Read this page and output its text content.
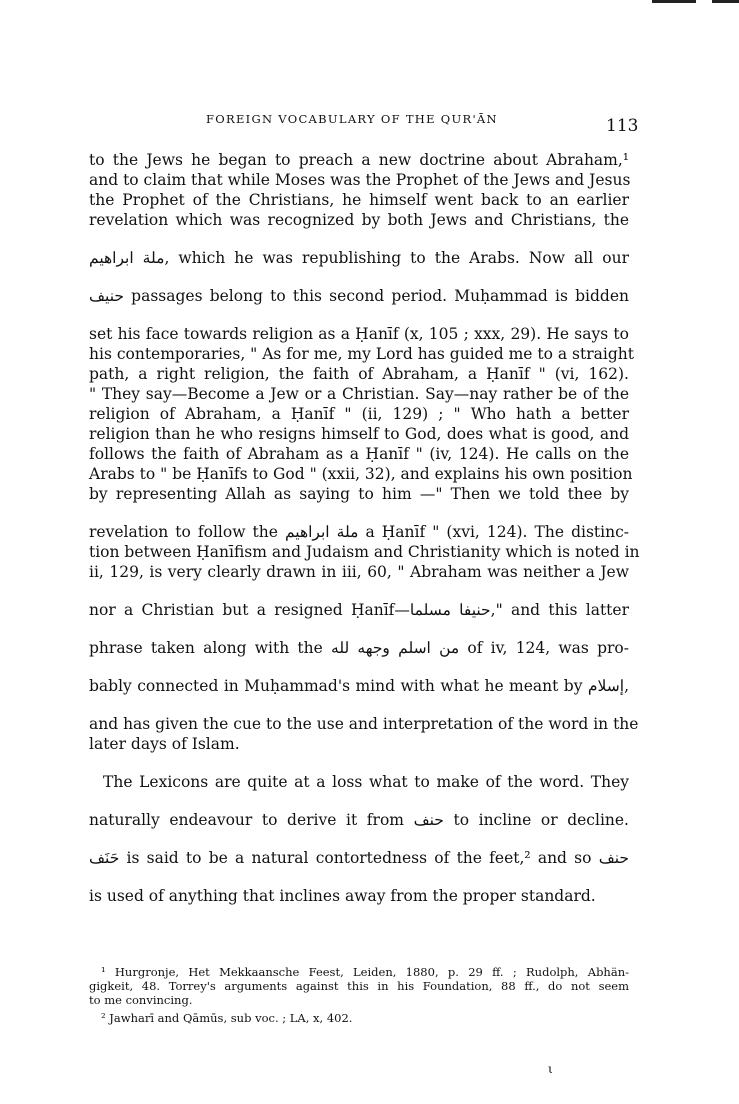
FOREIGN VOCABULARY OF THE QUR'ĀN	113
to the Jews he began to preach a new doctrine about Abraham,¹
and to claim that while Moses was the Prophet of the Jews and Jesus
the Prophet of the Christians, he himself went back to an earlier
revelation which was recognized by both Jews and Christians, the
ملة ابراهيم, which he was republishing to the Arabs. Now all our
حنيف passages belong to this second period. Muḥammad is bidden
set his face towards religion as a Ḥanīf (x, 105 ; xxx, 29). He says to
his contemporaries, " As for me, my Lord has guided me to a straight
path, a right religion, the faith of Abraham, a Ḥanīf " (vi, 162).
" They say—Become a Jew or a Christian. Say—nay rather be of the
religion of Abraham, a Ḥanīf " (ii, 129) ; " Who hath a better
religion than he who resigns himself to God, does what is good, and
follows the faith of Abraham as a Ḥanīf " (iv, 124). He calls on the
Arabs to " be Ḥanīfs to God " (xxii, 32), and explains his own position
by representing Allah as saying to him —" Then we told thee by
revelation to follow the ملة ابراهيم a Ḥanīf " (xvi, 124). The distinc-
tion between Ḥanīfism and Judaism and Christianity which is noted in
ii, 129, is very clearly drawn in iii, 60, " Abraham was neither a Jew
nor a Christian but a resigned Ḥanīf—حنيفا مسلما," and this latter
phrase taken along with the من اسلم وجهه لله of iv, 124, was pro-
bably connected in Muḥammad's mind with what he meant by إسلام,
and has given the cue to the use and interpretation of the word in the
later days of Islam.
The Lexicons are quite at a loss what to make of the word. They
naturally endeavour to derive it from حنف to incline or decline.
حَنَف is said to be a natural contortedness of the feet,² and so حنف
is used of anything that inclines away from the proper standard.
¹ Hurgronje, Het Mekkaansche Feest, Leiden, 1880, p. 29 ff. ; Rudolph, Abhän-
gigkeit, 48. Torrey's arguments against this in his Foundation, 88 ff., do not seem
to me convincing.
² Jawharī and Qāmūs, sub voc. ; LA, x, 402.
ι
